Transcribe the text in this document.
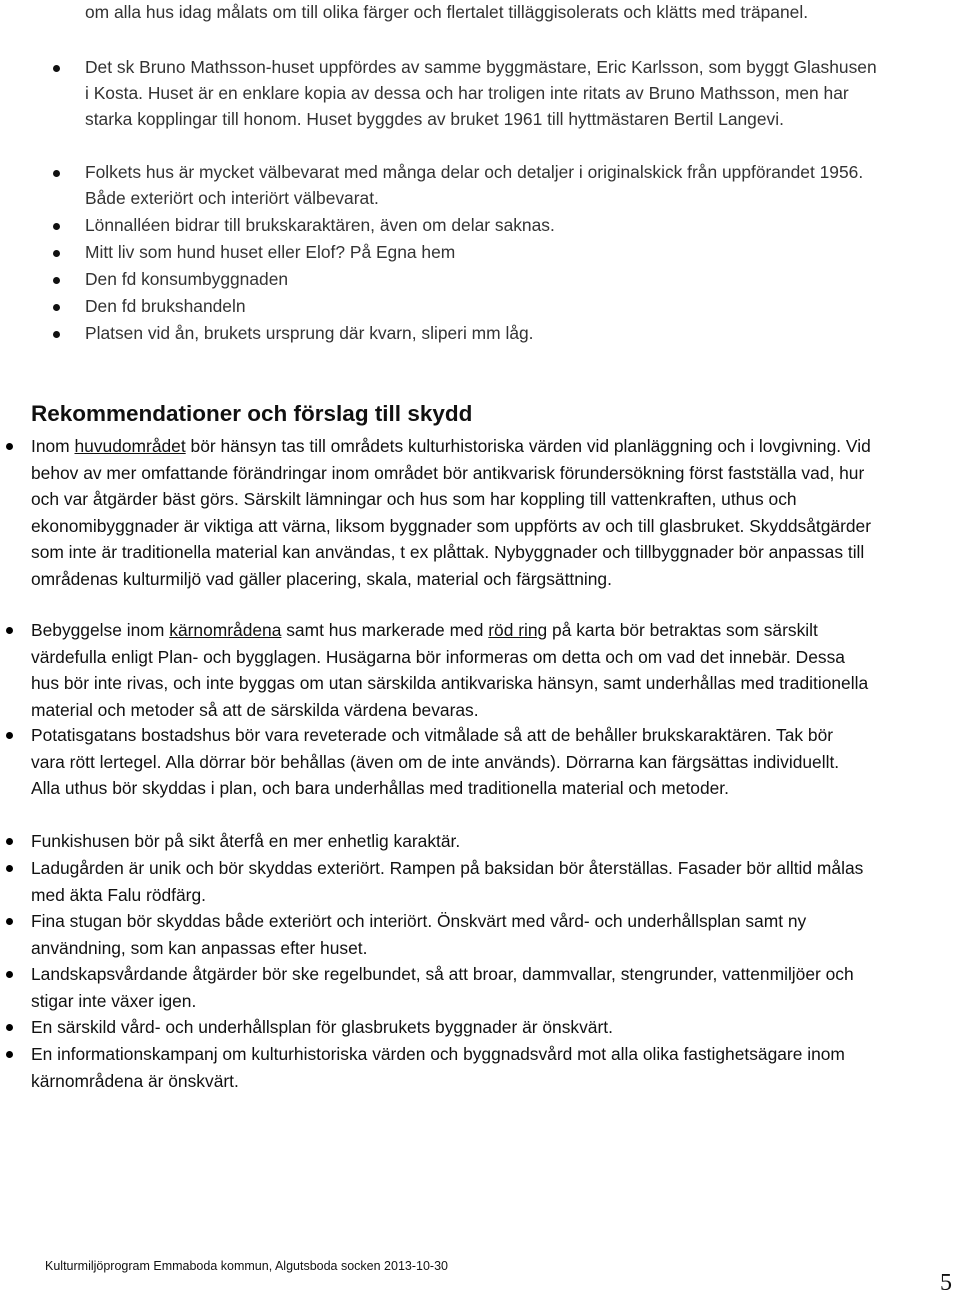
om alla hus idag målats om till olika färger och flertalet tilläggisolerats och klätts med träpanel.
Det sk Bruno Mathsson-huset uppfördes av samme byggmästare, Eric Karlsson, som byggt Glashusen i Kosta. Huset är en enklare kopia av dessa och har troligen inte ritats av Bruno Mathsson, men har starka kopplingar till honom. Huset byggdes av bruket 1961 till hyttmästaren Bertil Langevi.
Folkets hus är mycket välbevarat med många delar och detaljer i originalskick från uppförandet 1956. Både exteriört och interiört välbevarat.
Lönnalléen bidrar till brukskaraktären, även om delar saknas.
Mitt liv som hund huset eller Elof? På Egna hem
Den fd konsumbyggnaden
Den fd brukshandeln
Platsen vid ån, brukets ursprung där kvarn, sliperi mm låg.
Rekommendationer och förslag till skydd
Inom huvudområdet bör hänsyn tas till områdets kulturhistoriska värden vid planläggning och i lovgivning. Vid behov av mer omfattande förändringar inom området bör antikvarisk förundersökning först fastställa vad, hur och var åtgärder bäst görs. Särskilt lämningar och hus som har koppling till vattenkraften, uthus och ekonomibyggnader är viktiga att värna, liksom byggnader som uppförts av och till glasbruket. Skyddsåtgärder som inte är traditionella material kan användas, t ex plåttak. Nybyggnader och tillbyggnader bör anpassas till områdenas kulturmiljö vad gäller placering, skala, material och färgsättning.
Bebyggelse inom kärnområdena samt hus markerade med röd ring på karta bör betraktas som särskilt värdefulla enligt Plan- och bygglagen. Husägarna bör informeras om detta och om vad det innebär. Dessa hus bör inte rivas, och inte byggas om utan särskilda antikvariska hänsyn, samt underhållas med traditionella material och metoder så att de särskilda värdena bevaras.
Potatisgatans bostadshus bör vara reveterade och vitmålade så att de behåller brukskaraktären. Tak bör vara rött lertegel. Alla dörrar bör behållas (även om de inte används). Dörrarna kan färgsättas individuellt. Alla uthus bör skyddas i plan, och bara underhållas med traditionella material och metoder.
Funkishusen bör på sikt återfå en mer enhetlig karaktär.
Ladugården är unik och bör skyddas exteriört. Rampen på baksidan bör återställas. Fasader bör alltid målas med äkta Falu rödfärg.
Fina stugan bör skyddas både exteriört och interiört. Önskvärt med vård- och underhållsplan samt ny användning, som kan anpassas efter huset.
Landskapsvårdande åtgärder bör ske regelbundet, så att broar, dammvallar, stengrunder, vattenmiljöer och stigar inte växer igen.
En särskild vård- och underhållsplan för glasbrukets byggnader är önskvärt.
En informationskampanj om kulturhistoriska värden och byggnadsvård mot alla olika fastighetsägare inom kärnområdena är önskvärt.
Kulturmiljöprogram Emmaboda kommun, Algutsboda socken 2013-10-30
5
